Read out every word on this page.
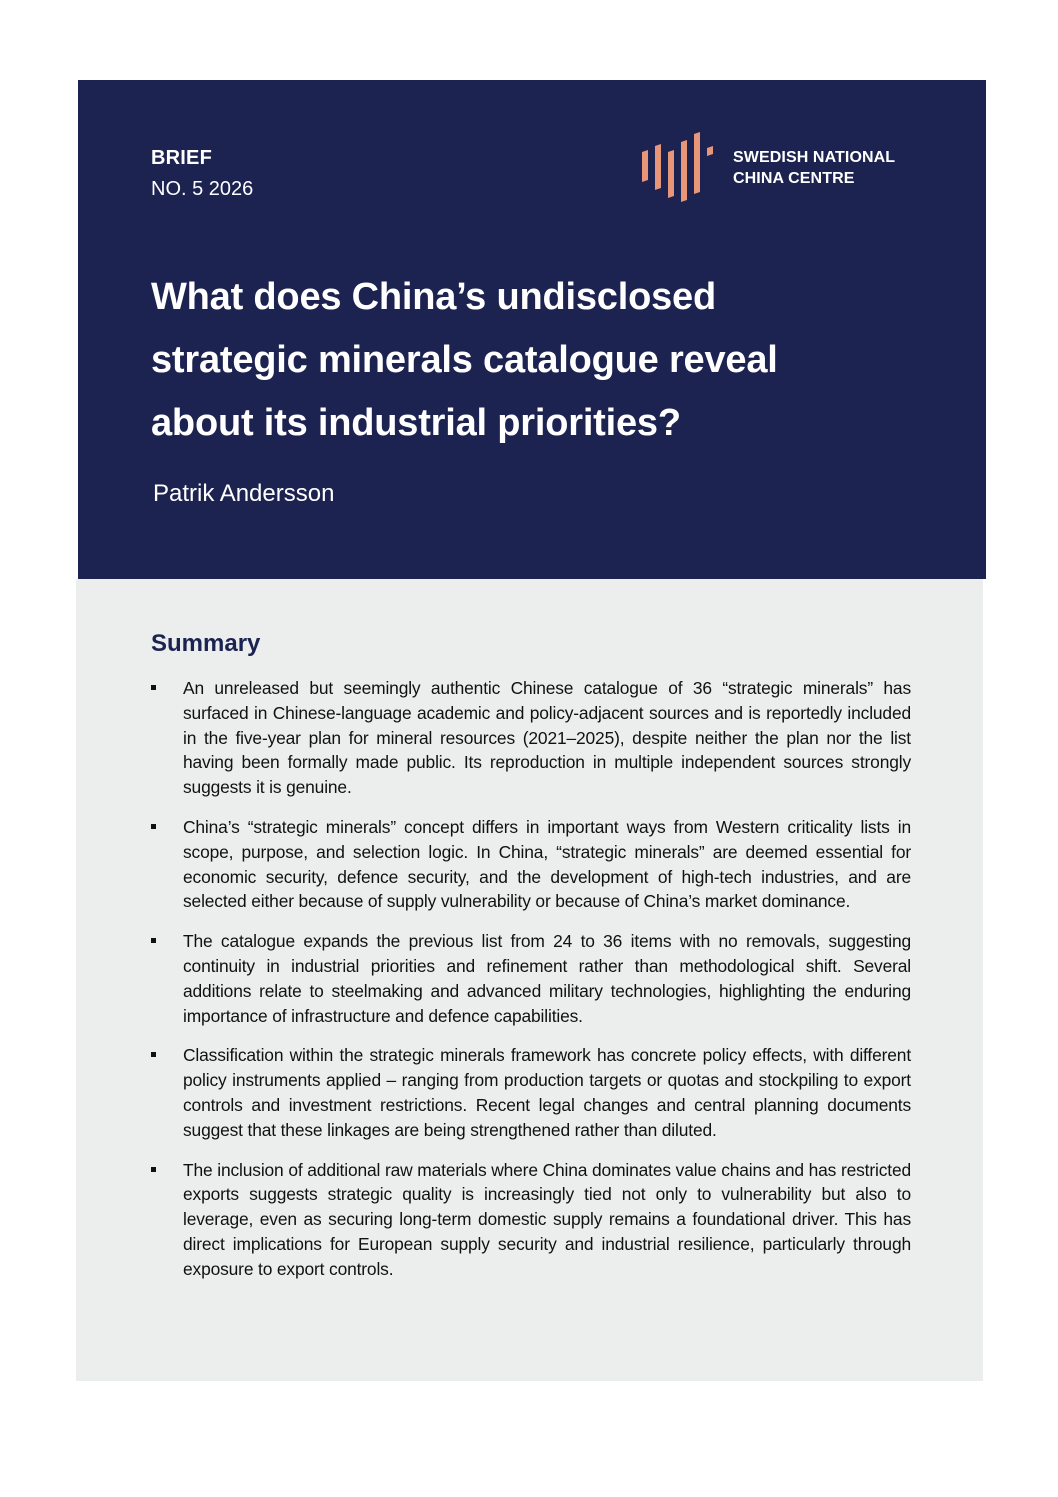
BRIEF
NO. 5 2026
SWEDISH NATIONAL
CHINA CENTRE
What does China’s undisclosed
strategic minerals catalogue reveal
about its industrial priorities?
Patrik Andersson
Summary
An unreleased but seemingly authentic Chinese catalogue of 36 “strategic minerals” has surfaced in Chinese-language academic and policy-adjacent sources and is reportedly included in the five-year plan for mineral resources (2021–2025), despite neither the plan nor the list having been formally made public. Its reproduction in multiple independent sources strongly suggests it is genuine.
China’s “strategic minerals” concept differs in important ways from Western criticality lists in scope, purpose, and selection logic. In China, “strategic minerals” are deemed essential for economic security, defence security, and the development of high-tech industries, and are selected either because of supply vulnerability or because of China’s market dominance.
The catalogue expands the previous list from 24 to 36 items with no removals, suggesting continuity in industrial priorities and refinement rather than methodological shift. Several additions relate to steelmaking and advanced military technologies, highlighting the enduring importance of infrastructure and defence capabilities.
Classification within the strategic minerals framework has concrete policy effects, with different policy instruments applied – ranging from production targets or quotas and stockpiling to export controls and investment restrictions. Recent legal changes and central planning documents suggest that these linkages are being strengthened rather than diluted.
The inclusion of additional raw materials where China dominates value chains and has restricted exports suggests strategic quality is increasingly tied not only to vulnerability but also to leverage, even as securing long-term domestic supply remains a foundational driver. This has direct implications for European supply security and industrial resilience, particularly through exposure to export controls.
